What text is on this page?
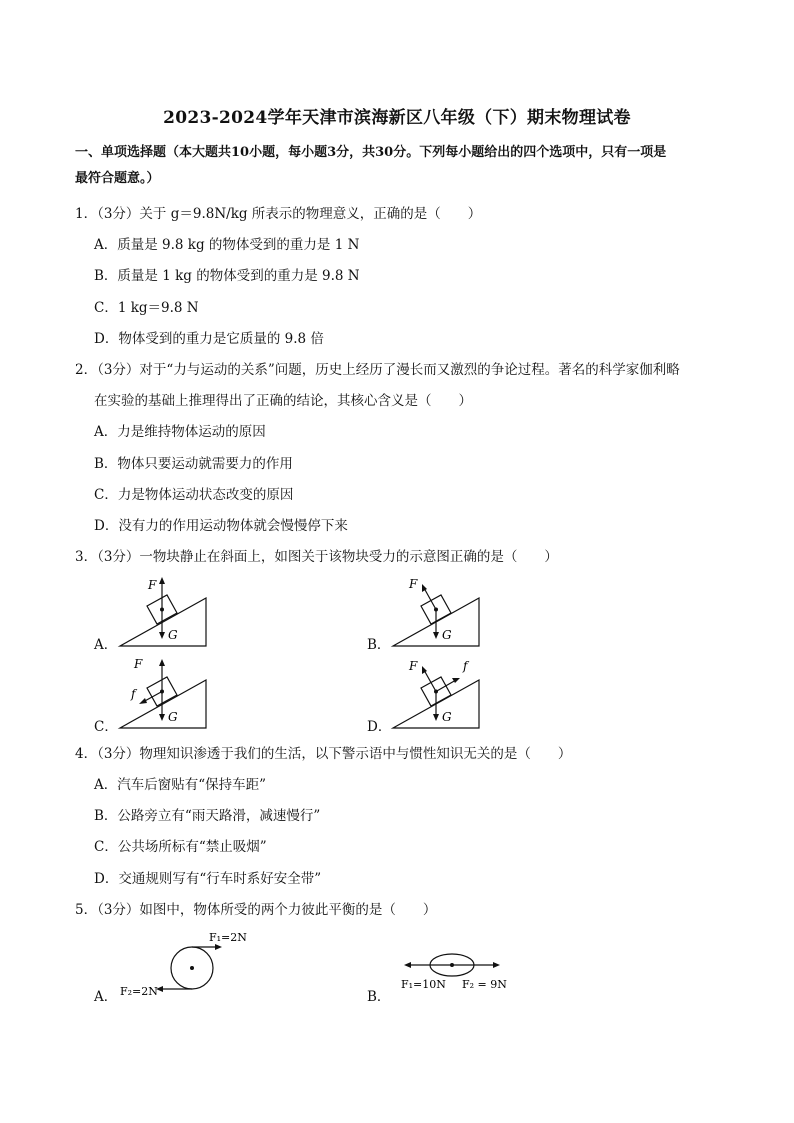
2023-2024学年天津市滨海新区八年级（下）期末物理试卷
一、单项选择题（本大题共10小题，每小题3分，共30分。下列每小题给出的四个选项中，只有一项是
最符合题意。）
1．（3分）关于 g＝9.8N/kg 所表示的物理意义，正确的是（　　）
A．质量是 9.8 kg 的物体受到的重力是 1 N
B．质量是 1 kg 的物体受到的重力是 9.8 N
C．1 kg＝9.8 N
D．物体受到的重力是它质量的 9.8 倍
2．（3分）对于“力与运动的关系”问题，历史上经历了漫长而又激烈的争论过程。著名的科学家伽利略
在实验的基础上推理得出了正确的结论，其核心含义是（　　）
A．力是维持物体运动的原因
B．物体只要运动就需要力的作用
C．力是物体运动状态改变的原因
D．没有力的作用运动物体就会慢慢停下来
3．（3分）一物块静止在斜面上，如图关于该物块受力的示意图正确的是（　　）
A．
F
G
B．
F
G
C．
F
f
G
D．
F	f
G
4．（3分）物理知识渗透于我们的生活，以下警示语中与惯性知识无关的是（　　）
A．汽车后窗贴有“保持车距”
B．公路旁立有“雨天路滑，减速慢行”
C．公共场所标有“禁止吸烟”
D．交通规则写有“行车时系好安全带”
5．（3分）如图中，物体所受的两个力彼此平衡的是（　　）
A．
F₁=2N
F₂=2N	B．
F₁=10N F₂ = 9N
